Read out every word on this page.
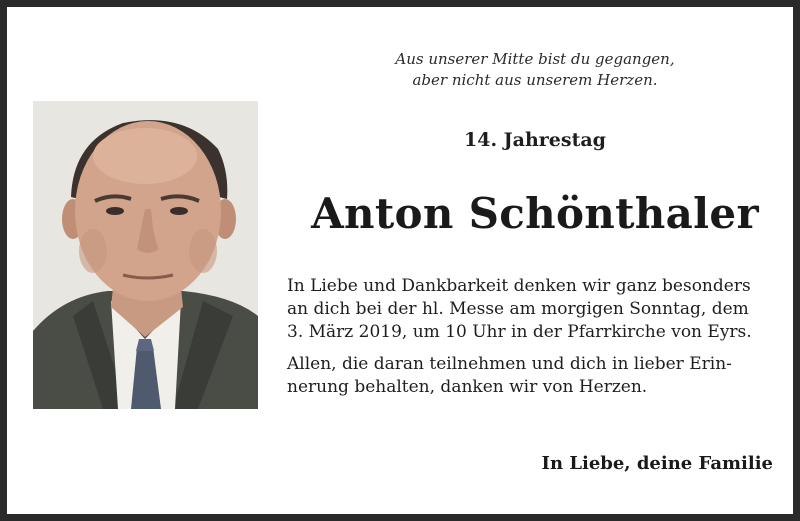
Aus unserer Mitte bist du gegangen,
aber nicht aus unserem Herzen.
14. Jahrestag
Anton Schönthaler
In Liebe und Dankbarkeit denken wir ganz besonders
an dich bei der hl. Messe am morgigen Sonntag, dem
3. März 2019, um 10 Uhr in der Pfarrkirche von Eyrs.
Allen, die daran teilnehmen und dich in lieber Erin-
nerung behalten, danken wir von Herzen.
In Liebe, deine Familie
